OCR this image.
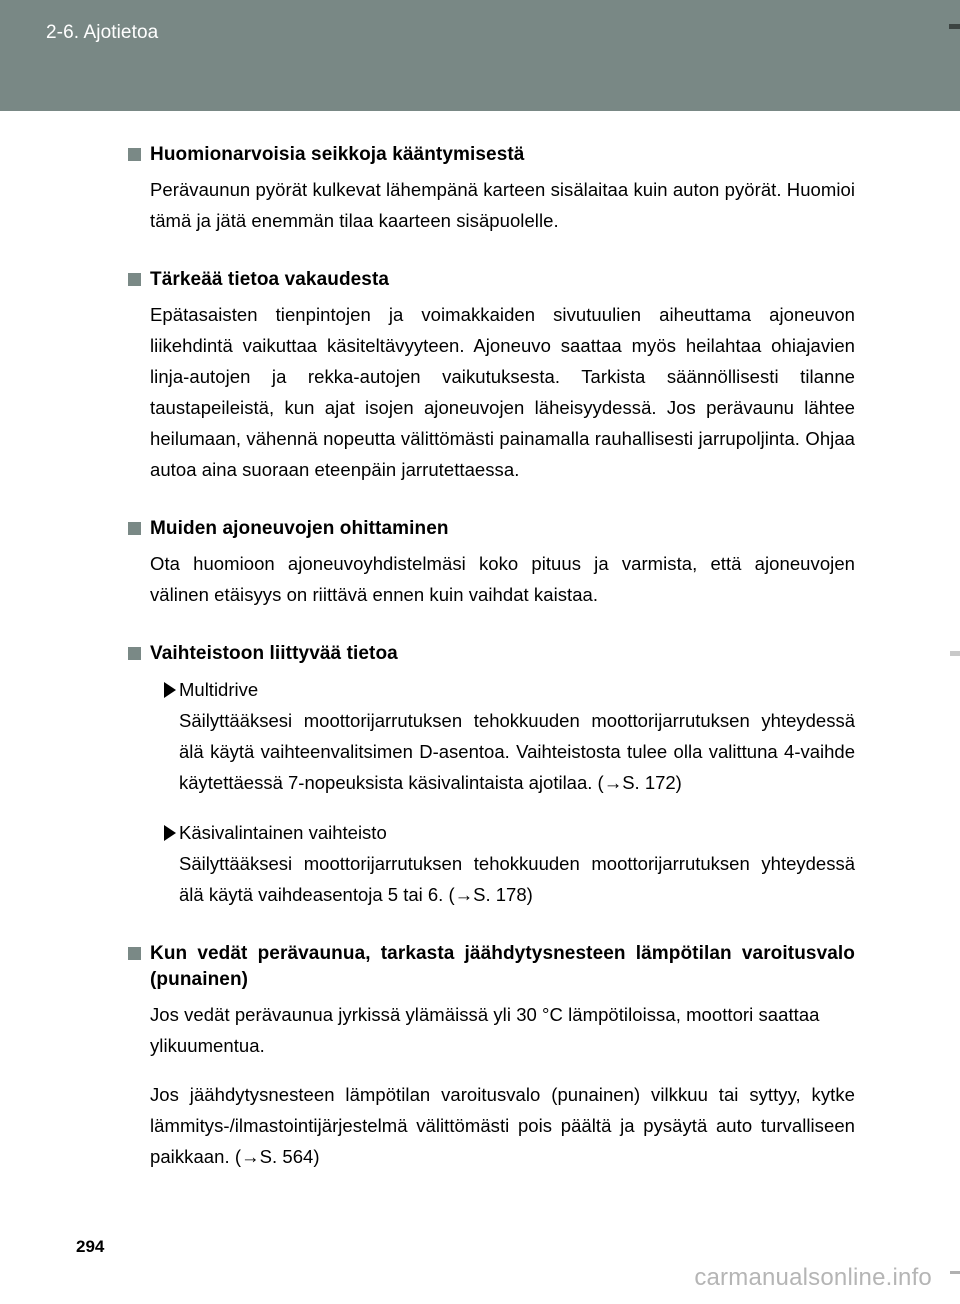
2-6. Ajotietoa
Huomionarvoisia seikkoja kääntymisestä

Perävaunun pyörät kulkevat lähempänä karteen sisälaitaa kuin auton pyörät. Huomioi tämä ja jätä enemmän tilaa kaarteen sisäpuolelle.

Tärkeää tietoa vakaudesta

Epätasaisten tienpintojen ja voimakkaiden sivutuulien aiheuttama ajoneuvon liikehdintä vaikuttaa käsiteltävyyteen. Ajoneuvo saattaa myös heilahtaa ohiajavien linja-autojen ja rekka-autojen vaikutuksesta. Tarkista säännöllisesti tilanne taustapeileistä, kun ajat isojen ajoneuvojen läheisyydessä. Jos perävaunu lähtee heilumaan, vähennä nopeutta välittömästi painamalla rauhallisesti jarrupoljinta. Ohjaa autoa aina suoraan eteenpäin jarrutettaessa.

Muiden ajoneuvojen ohittaminen

Ota huomioon ajoneuvoyhdistelmäsi koko pituus ja varmista, että ajoneuvojen välinen etäisyys on riittävä ennen kuin vaihdat kaistaa.

Vaihteistoon liittyvää tietoa
Multidrive

Säilyttääksesi moottorijarrutuksen tehokkuuden moottorijarrutuksen yhteydessä älä käytä vaihteenvalitsimen D-asentoa. Vaihteistosta tulee olla valittuna 4-vaihde käytettäessä 7-nopeuksista käsivalintaista ajotilaa. (→S. 172)

Käsivalintainen vaihteisto

Säilyttääksesi moottorijarrutuksen tehokkuuden moottorijarrutuksen yhteydessä älä käytä vaihdeasentoja 5 tai 6. (→S. 178)

Kun vedät perävaunua, tarkasta jäähdytysnesteen lämpötilan varoitusvalo (punainen)

Jos vedät perävaunua jyrkissä ylämäissä yli 30 °C lämpötiloissa, moottori saattaa ylikuumentua.

Jos jäähdytysnesteen lämpötilan varoitusvalo (punainen) vilkkuu tai syttyy, kytke lämmitys-/ilmastointijärjestelmä välittömästi pois päältä ja pysäytä auto turvalliseen paikkaan. (→S. 564)

294
carmanualsonline.info
